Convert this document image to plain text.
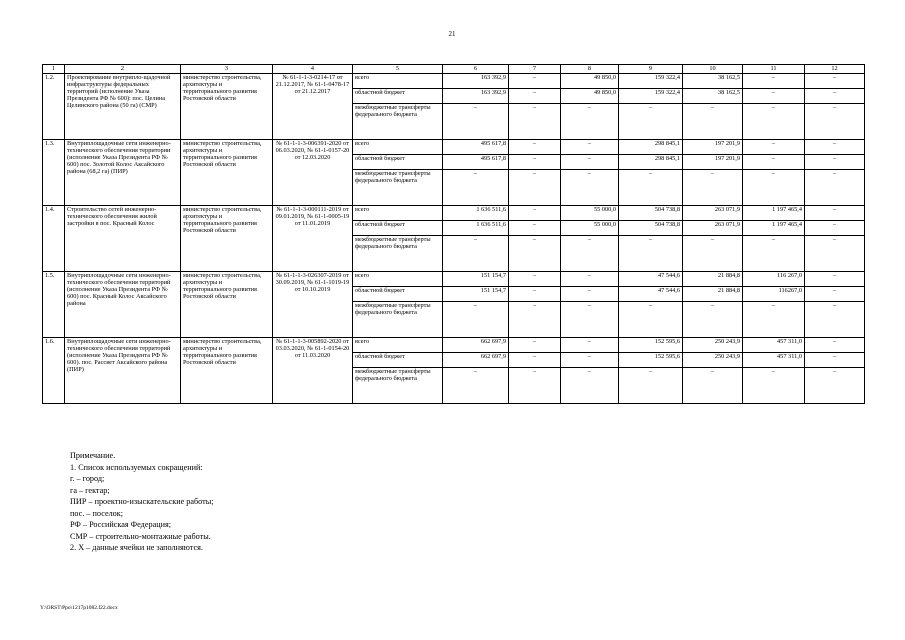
21
1	2	3	4	5	6	7	8	9	10	11	12
1.2.	Проектирование внутрипло-щадочной инфраструктуры федеральных территорий (исполнение Указа Президента РФ № 600): пос. Целина Целинского района (50 га) (СМР)	министерство строительства, архитектуры и территориального развития Ростовской области	№ 61-1-1-3-0214-17 от 21.12.2017, № 61-1-0478-17 от 21.12.2017	всего	163 392,9	–	49 850,0	159 322,4	38 162,5	–	–
				областной бюджет	163 392,9	–	49 850,0	159 322,4	38 162,5	–	–
				межбюджетные трансферты федерального бюджета	–	–	–	–	–	–	–
1.3.	Внутриплощадочные сети инженерно-технического обеспечения территории (исполнение Указа Президента РФ № 600) пос. Золотой Колос Аксайского района (68,2 га) (ПИР)	министерство строительства, архитектуры и территориального развития Ростовской области	№ 61-1-1-3-006391-2020 от 06.03.2020, № 61-1-0157-20 от 12.03.2020	всего	495 617,8	–	–	298 845,1	197 201,9	–	–
				областной бюджет	495 617,8	–	–	298 845,1	197 201,9	–	–
				межбюджетные трансферты федерального бюджета	–	–	–	–	–	–	–
1.4.	Строительство сетей инженерно-технического обеспечения жилой застройки в пос. Красный Колос	министерство строительства, архитектуры и территориального развития Ростовской области	№ 61-1-1-3-000111-2019 от 09.01.2019, № 61-1-0005-19 от 11.01.2019	всего	1 636 511,6	–	55 000,0	504 738,8	263 071,9	1 197 465,4	–
				областной бюджет	1 636 511,6	–	55 000,0	504 738,8	263 071,9	1 197 465,4	–
				межбюджетные трансферты федерального бюджета	–	–	–	–	–	–	–
1.5.	Внутриплощадочные сети инженерно-технического обеспечения территорий (исполнение Указа Президента РФ № 600) пос. Красный Колос Аксайского района	министерство строительства, архитектуры и территориального развития Ростовской области	№ 61-1-1-3-026307-2019 от 30.09.2019, № 61-1-1019-19 от 10.10.2019	всего	151 154,7	–	–	47 544,6	21 884,8	116 267,0	–
				областной бюджет	151 154,7	–	–	47 544,6	21 884,8	116267,0	–
				межбюджетные трансферты федерального бюджета	–	–	–	–	–	–	–
1.6.	Внутриплощадочные сети инженерно-технического обеспечения территорий (исполнение Указа Президента РФ № 600). пос. Рассвет Аксайского района (ПИР)	министерство строительства, архитектуры и территориального развития Ростовской области	№ 61-1-1-3-005892-2020 от 03.03.2020, № 61-1-0154-20 от 11.03.2020	всего	662 697,9	–	–	152 595,6	250 243,9	457 311,0	–
				областной бюджет	662 697,9	–	–	152 595,6	250 243,9	457 311,0	–
				межбюджетные трансферты федерального бюджета	–	–	–	–	–	–	–
Примечание.
1. Список используемых сокращений:
г. – город;
га – гектар;
ПИР – проектно-изыскательские работы;
пос. – поселок;
РФ – Российская Федерация;
СМР – строительно-монтажные работы.
2. Х – данные ячейки не заполняются.
Y:\ORST\Ppo\1217p1082.f22.docx
